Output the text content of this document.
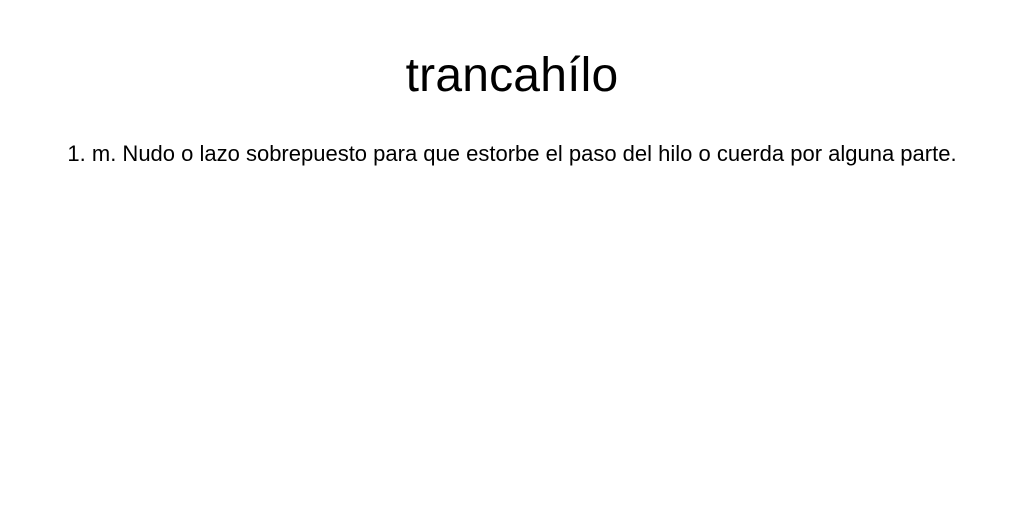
trancahílo

1. m. Nudo o lazo sobrepuesto para que estorbe el paso del hilo o cuerda por alguna parte.
